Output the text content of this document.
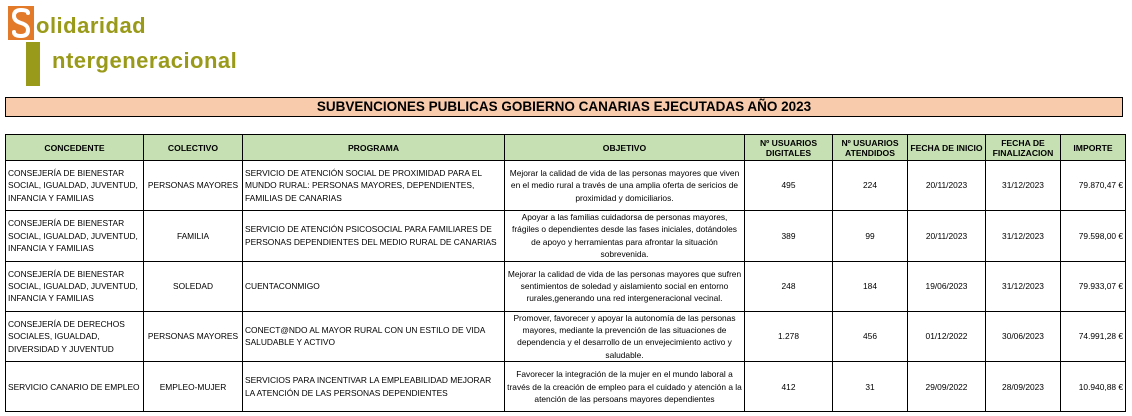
olidaridad
ntergeneracional
SUBVENCIONES PUBLICAS GOBIERNO CANARIAS EJECUTADAS AÑO 2023
CONCEDENTE	COLECTIVO	PROGRAMA	OBJETIVO	Nº USUARIOS DIGITALES	Nº USUARIOS ATENDIDOS	FECHA DE INICIO	FECHA DE FINALIZACION	IMPORTE
CONSEJERÍA DE BIENESTAR SOCIAL, IGUALDAD, JUVENTUD, INFANCIA Y FAMILIAS	PERSONAS MAYORES	SERVICIO DE ATENCIÓN SOCIAL DE PROXIMIDAD PARA EL MUNDO RURAL: PERSONAS MAYORES, DEPENDIENTES, FAMILIAS DE CANARIAS	Mejorar la calidad de vida de las personas mayores que viven en el medio rural a través de una amplia oferta de sericios de proximidad y domiciliarios.	495	224	20/11/2023	31/12/2023	79.870,47 €
CONSEJERÍA DE BIENESTAR SOCIAL, IGUALDAD, JUVENTUD, INFANCIA Y FAMILIAS	FAMILIA	SERVICIO DE ATENCIÓN PSICOSOCIAL PARA FAMILIARES DE PERSONAS DEPENDIENTES DEL MEDIO RURAL DE CANARIAS	Apoyar a las familias cuidadorsa de personas mayores, frágiles o dependientes desde las fases iniciales, dotándoles de apoyo y herramientas para afrontar la situación sobrevenida.	389	99	20/11/2023	31/12/2023	79.598,00 €
CONSEJERÍA DE BIENESTAR SOCIAL, IGUALDAD, JUVENTUD, INFANCIA Y FAMILIAS	SOLEDAD	CUENTACONMIGO	Mejorar la calidad de vida de las personas mayores que sufren sentimientos de soledad y aislamiento social en entorno rurales,generando una red intergeneracional vecinal.	248	184	19/06/2023	31/12/2023	79.933,07 €
CONSEJERÍA DE DERECHOS SOCIALES, IGUALDAD, DIVERSIDAD Y JUVENTUD	PERSONAS MAYORES	CONECT@NDO AL MAYOR RURAL CON UN ESTILO DE VIDA SALUDABLE Y ACTIVO	Promover, favorecer y apoyar la autonomía de las personas mayores, mediante la prevención de las situaciones de dependencia y el desarrollo de un envejecimiento activo y saludable.	1.278	456	01/12/2022	30/06/2023	74.991,28 €
SERVICIO CANARIO DE EMPLEO	EMPLEO-MUJER	SERVICIOS PARA INCENTIVAR LA EMPLEABILIDAD MEJORAR LA ATENCIÓN DE LAS PERSONAS DEPENDIENTES	Favorecer la integración de la mujer en el mundo laboral a través de la creación de empleo para el cuidado y atención a la atención de las persoans mayores dependientes	412	31	29/09/2022	28/09/2023	10.940,88 €
